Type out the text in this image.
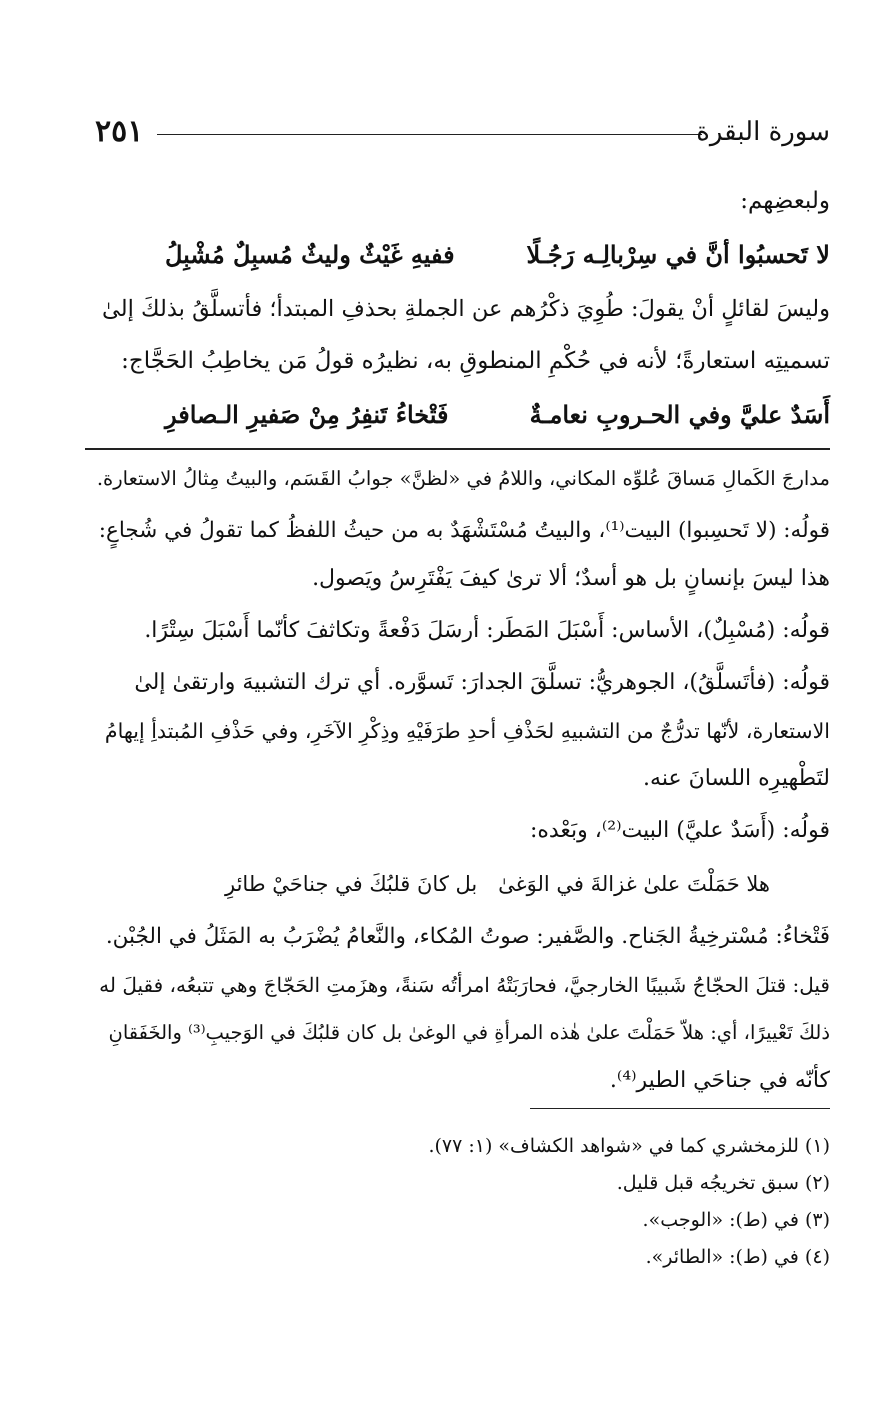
٢٥١	سورة البقرة
ولبعضِهم:
لا تَحسبُوا أنَّ في سِرْبالِـه رَجُـلًا
ففيهِ غَيْثٌ وليثٌ مُسبِلٌ مُشْبِلُ
وليسَ لقائلٍ أنْ يقولَ: طُوِيَ ذكْرُهم عن الجملةِ بحذفِ المبتدأ؛ فأتسلَّقُ بذلكَ إلىٰ
تسميتِه استعارةً؛ لأنه في حُكْمِ المنطوقِ به، نظيرُه قولُ مَن يخاطِبُ الحَجَّاج:
أَسَدٌ عليَّ وفي الحـروبِ نعامـةٌ
فَتْخاءُ تَنفِرُ مِنْ صَفيرِ الـصافرِ
مدارجَ الكَمالِ مَساقَ عُلوِّه المكاني، واللامُ في «لظنَّ» جوابُ القَسَم، والبيتُ مِثالُ الاستعارة.
قولُه: (لا تَحسِبوا) البيت⁽¹⁾، والبيتُ مُسْتَشْهَدٌ به من حيثُ اللفظُ كما تقولُ في شُجاعٍ:
هذا ليسَ بإنسانٍ بل هو أسدٌ؛ ألا ترىٰ كيفَ يَفْتَرِسُ ويَصول.
قولُه: (مُسْبِلٌ)، الأساس: أَسْبَلَ المَطَر: أرسَلَ دَفْعةً وتكاثفَ كأنّما أَسْبَلَ سِتْرًا.
قولُه: (فأتَسلَّقُ)، الجوهريُّ: تسلَّقَ الجدارَ: تَسوَّره. أي ترك التشبيهَ وارتقىٰ إلىٰ
الاستعارة، لأنّها تدرُّجٌ من التشبيهِ لحَذْفِ أحدِ طرَفَيْهِ وذِكْرِ الآخَرِ، وفي حَذْفِ المُبتدأِ إيهامُ
لتَطْهيرِه اللسانَ عنه.
قولُه: (أَسَدٌ عليَّ) البيت⁽²⁾، وبَعْده:
هلا حَمَلْتَ علىٰ غزالةَ في الوَغىٰ
بل كانَ قلبُكَ في جناحَيْ طائرِ
فَتْخاءُ: مُسْترخِيةُ الجَناح. والصَّفير: صوتُ المُكاء، والنَّعامُ يُضْرَبُ به المَثَلُ في الجُبْن.
قيل: قتلَ الحجّاجُ شَبيبًا الخارجيَّ، فحارَبَتْهُ امرأتُه سَنةً، وهزَمتِ الحَجّاجَ وهي تتبعُه، فقيلَ له
ذلكَ تَعْييرًا، أي: هلاّ حَمَلْتَ علىٰ هٰذه المرأةِ في الوغىٰ بل كان قلبُكَ في الوَجيبِ⁽³⁾ والخَفَقانِ
كأنّه في جناحَي الطير⁽⁴⁾.
(١) للزمخشري كما في «شواهد الكشاف» (١: ٧٧).
(٢) سبق تخريجُه قبل قليل.
(٣) في (ط): «الوجب».
(٤) في (ط): «الطائر».
